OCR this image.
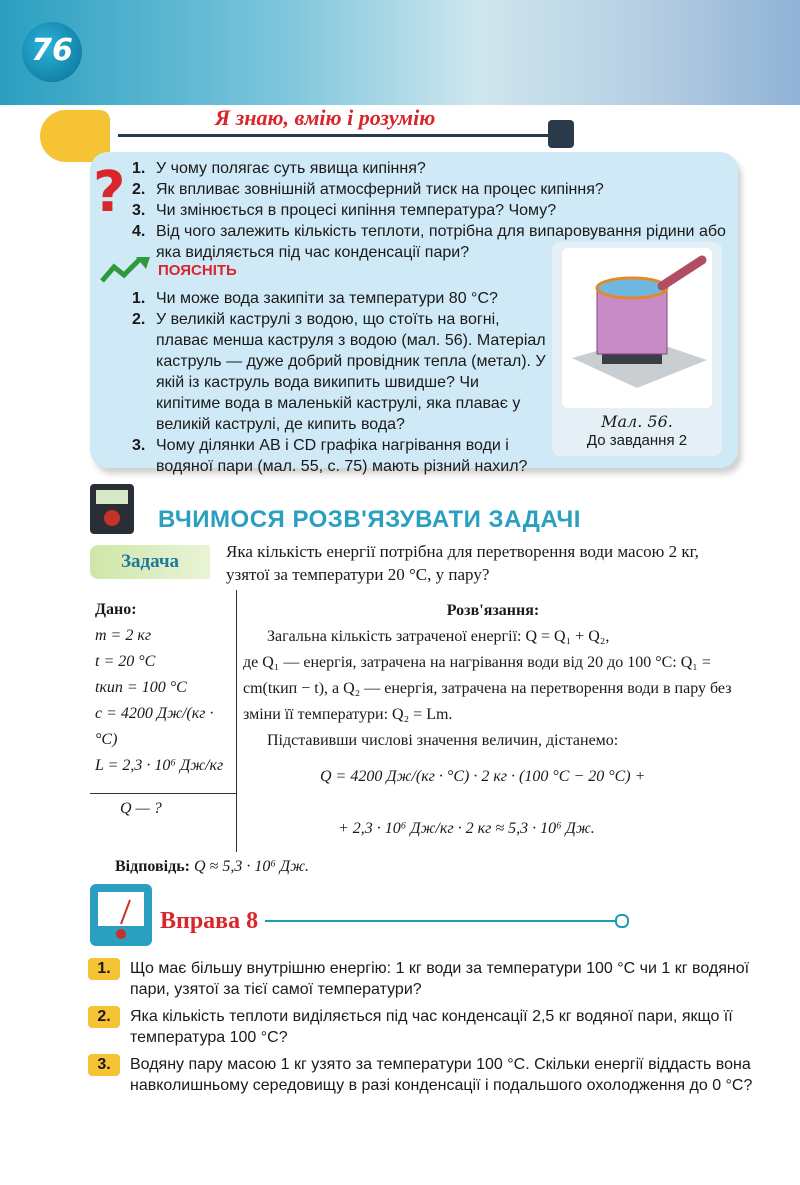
76
Я знаю, вмію і розумію
? 1. У чому полягає суть явища кипіння?
2. Як впливає зовнішній атмосферний тиск на процес кипіння?
3. Чи змінюється в процесі кипіння температура? Чому?
4. Від чого залежить кількість теплоти, потрібна для випаровування рідини або яка виділяється під час конденсації пари?
ПОЯСНІТЬ
1. Чи може вода закипіти за температури 80 °С?
2. У великій каструлі з водою, що стоїть на вогні, плаває менша каструля з водою (мал. 56). Матеріал каструль — дуже добрий провідник тепла (метал). У якій із каструль вода википить швидше? Чи кипітиме вода в маленькій каструлі, яка плаває у великій каструлі, де кипить вода?
3. Чому ділянки AB і CD графіка нагрівання води і водяної пари (мал. 55, с. 75) мають різний нахил?
Мал. 56.
До завдання 2
ВЧИМОСЯ РОЗВ'ЯЗУВАТИ ЗАДАЧІ
Задача	Яка кількість енергії потрібна для перетворення води масою 2 кг, узятої за температури 20 °С, у пару?
Дано:
m = 2 кг
t = 20 °С
tкип = 100 °С
c = 4200 Дж/(кг · °С)
L = 2,3 · 10⁶ Дж/кг
Q — ?
Розв'язання:
Загальна кількість затраченої енергії: Q = Q₁ + Q₂,
де Q₁ — енергія, затрачена на нагрівання води від 20 до 100 °С: Q₁ = cm(tкип − t), а Q₂ — енергія, затрачена на перетворення води в пару без зміни її температури: Q₂ = Lm.
Підставивши числові значення величин, дістанемо:
Q = 4200 Дж/(кг · °С) · 2 кг · (100 °С − 20 °С) +
+ 2,3 · 10⁶ Дж/кг · 2 кг ≈ 5,3 · 10⁶ Дж.
Відповідь: Q ≈ 5,3 · 10⁶ Дж.
Вправа 8
1.	Що має більшу внутрішню енергію: 1 кг води за температури 100 °С чи 1 кг водяної пари, узятої за тієї самої температури?
2.	Яка кількість теплоти виділяється під час конденсації 2,5 кг водяної пари, якщо її температура 100 °С?
3.	Водяну пару масою 1 кг узято за температури 100 °С. Скільки енергії віддасть вона навколишньому середовищу в разі конденсації і подальшого охолодження до 0 °С?
